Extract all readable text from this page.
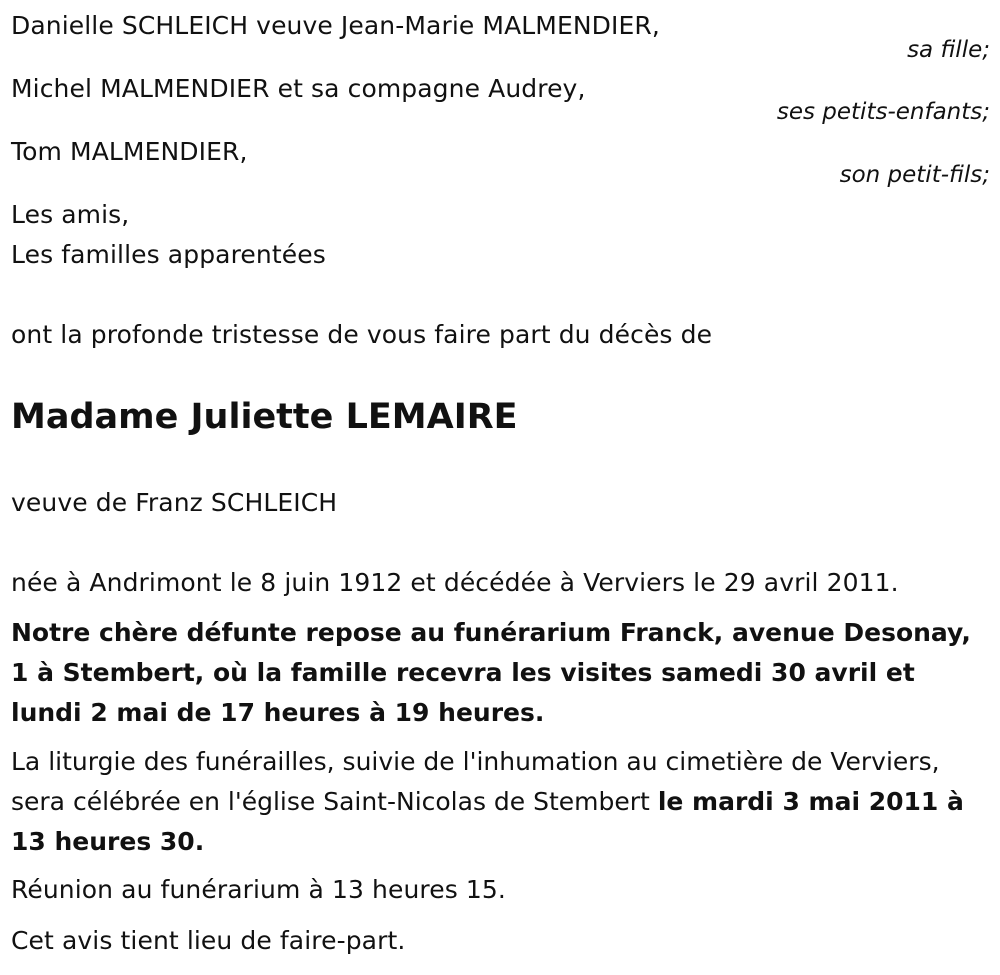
Danielle SCHLEICH veuve Jean-Marie MALMENDIER,
sa fille;
Michel MALMENDIER et sa compagne Audrey,
ses petits-enfants;
Tom MALMENDIER,
son petit-fils;
Les amis,
Les familles apparentées
ont la profonde tristesse de vous faire part du décès de
Madame Juliette LEMAIRE
veuve de Franz SCHLEICH
née à Andrimont le 8 juin 1912 et décédée à Verviers le 29 avril 2011.
Notre chère défunte repose au funérarium Franck, avenue Desonay, 1 à Stembert, où la famille recevra les visites samedi 30 avril et lundi 2 mai de 17 heures à 19 heures.
La liturgie des funérailles, suivie de l'inhumation au cimetière de Verviers, sera célébrée en l'église Saint-Nicolas de Stembert le mardi 3 mai 2011 à 13 heures 30.
Réunion au funérarium à 13 heures 15.
Cet avis tient lieu de faire-part.
